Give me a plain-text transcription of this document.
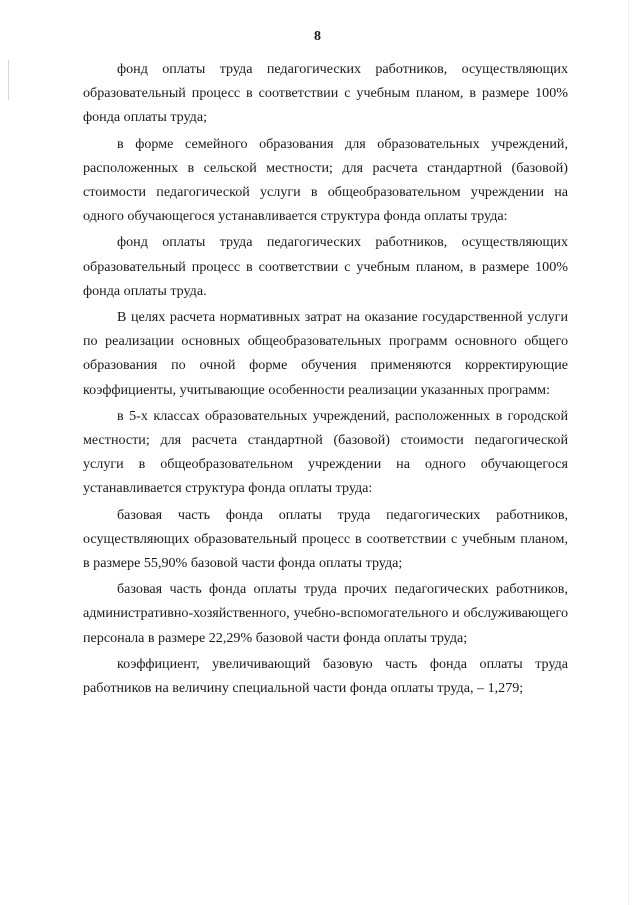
8

фонд оплаты труда педагогических работников, осуществляющих образовательный процесс в соответствии с учебным планом, в размере 100% фонда оплаты труда;

в форме семейного образования для образовательных учреждений, расположенных в сельской местности; для расчета стандартной (базовой) стоимости педагогической услуги в общеобразовательном учреждении на одного обучающегося устанавливается структура фонда оплаты труда:

фонд оплаты труда педагогических работников, осуществляющих образовательный процесс в соответствии с учебным планом, в размере 100% фонда оплаты труда.

В целях расчета нормативных затрат на оказание государственной услуги по реализации основных общеобразовательных программ основного общего образования по очной форме обучения применяются корректирующие коэффициенты, учитывающие особенности реализации указанных программ:

в 5-х классах образовательных учреждений, расположенных в городской местности; для расчета стандартной (базовой) стоимости педагогической услуги в общеобразовательном учреждении на одного обучающегося устанавливается структура фонда оплаты труда:

базовая часть фонда оплаты труда педагогических работников, осуществляющих образовательный процесс в соответствии с учебным планом, в размере 55,90% базовой части фонда оплаты труда;

базовая часть фонда оплаты труда прочих педагогических работников, административно-хозяйственного, учебно-вспомогательного и обслуживающего персонала в размере 22,29% базовой части фонда оплаты труда;

коэффициент, увеличивающий базовую часть фонда оплаты труда работников на величину специальной части фонда оплаты труда, – 1,279;
